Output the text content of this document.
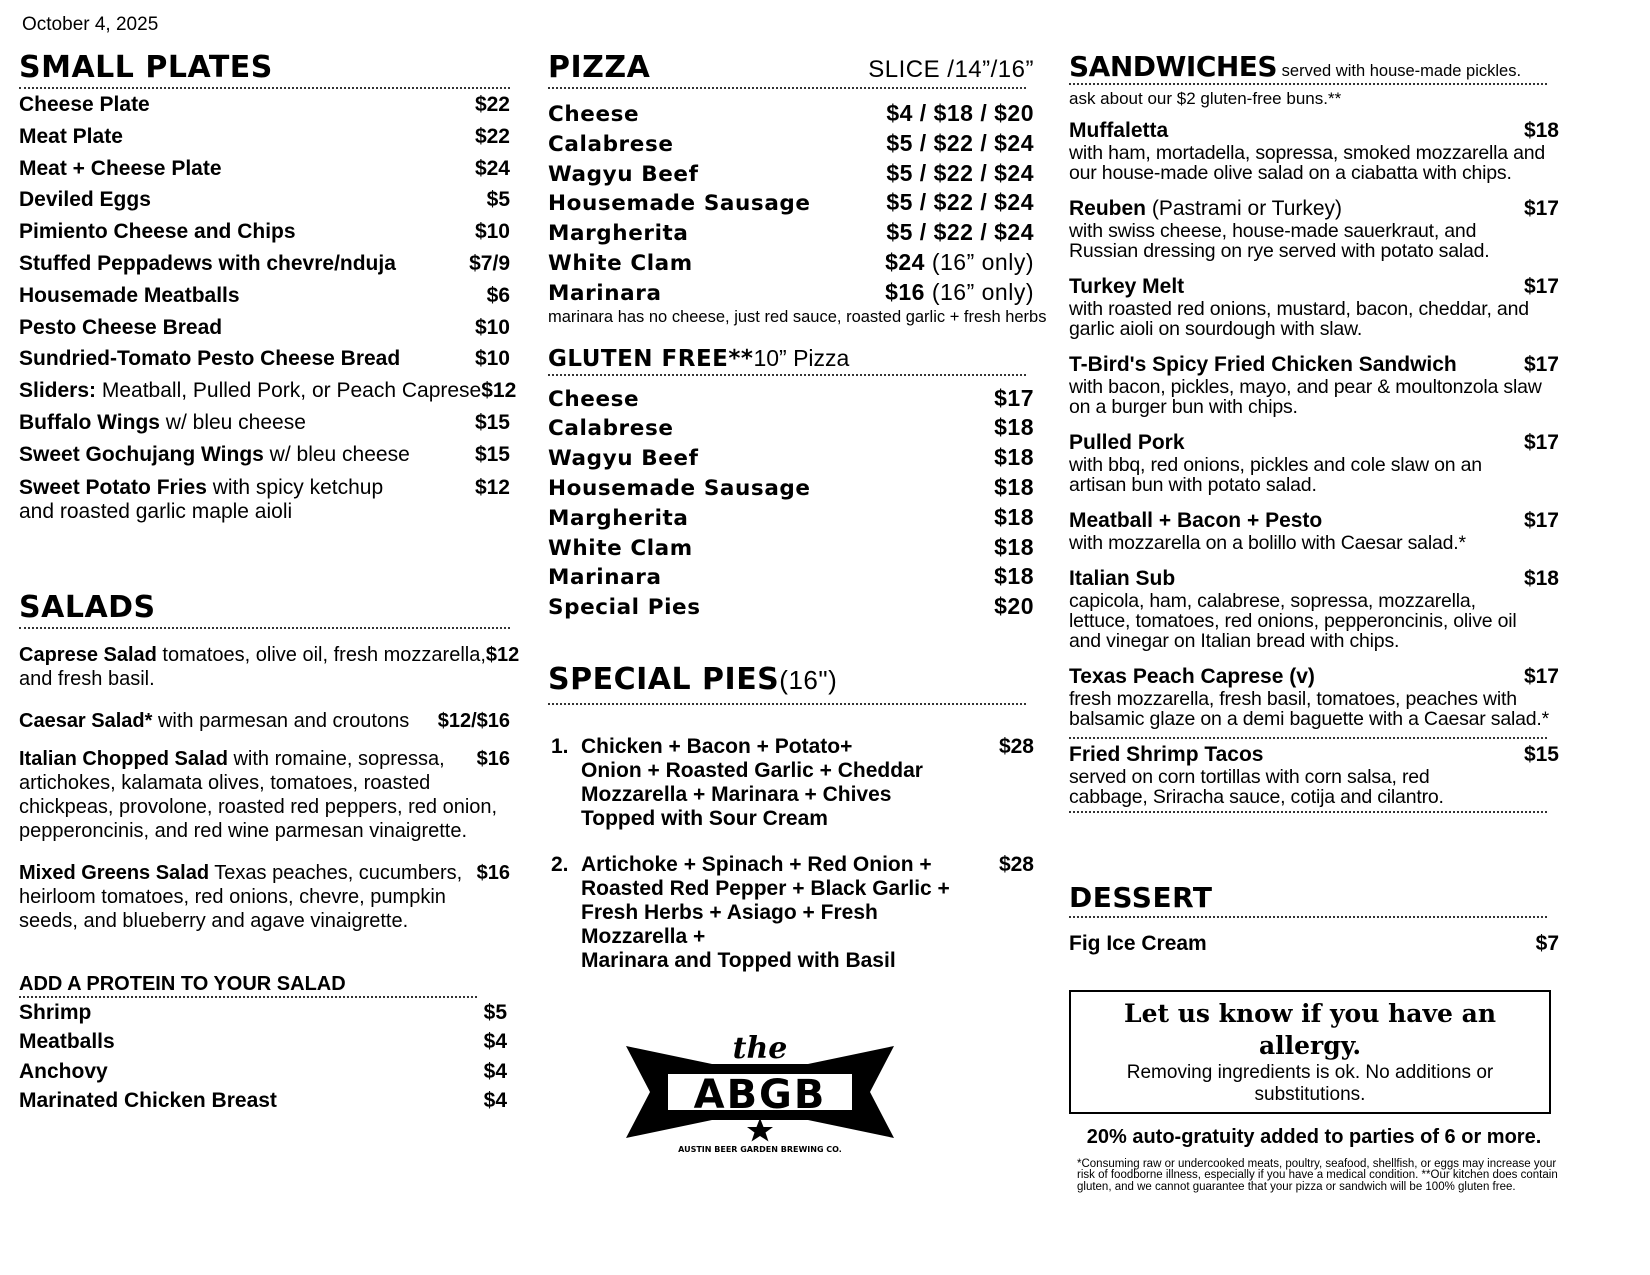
October 4, 2025
SMALL PLATES
Cheese Plate	$22
Meat Plate	$22
Meat + Cheese Plate	$24
Deviled Eggs	$5
Pimiento Cheese and Chips	$10
Stuffed Peppadews with chevre/nduja	$7/9
Housemade Meatballs	$6
Pesto Cheese Bread	$10
Sundried-Tomato Pesto Cheese Bread	$10
Sliders: Meatball, Pulled Pork, or Peach Caprese $12
Buffalo Wings w/ bleu cheese	$15
Sweet Gochujang Wings w/ bleu cheese	$15
Sweet Potato Fries with spicy ketchup	$12
and roasted garlic maple aioli
SALADS
Caprese Salad tomatoes, olive oil, fresh mozzarella, $12
and fresh basil.
Caesar Salad* with parmesan and croutons $12/$16
Italian Chopped Salad with romaine, sopressa, $16
artichokes, kalamata olives, tomatoes, roasted chickpeas, provolone, roasted red peppers, red onion, pepperoncinis, and red wine parmesan vinaigrette.
Mixed Greens Salad Texas peaches, cucumbers, $16
heirloom tomatoes, red onions, chevre, pumpkin seeds, and blueberry and agave vinaigrette.
ADD A PROTEIN TO YOUR SALAD
Shrimp	$5
Meatballs	$4
Anchovy	$4
Marinated Chicken Breast	$4
PIZZA	SLICE /14”/16”
Cheese	$4 / $18 / $20
Calabrese	$5 / $22 / $24
Wagyu Beef	$5 / $22 / $24
Housemade Sausage	$5 / $22 / $24
Margherita	$5 / $22 / $24
White Clam	$24 (16” only)
Marinara	$16 (16” only)
marinara has no cheese, just red sauce, roasted garlic + fresh herbs
GLUTEN FREE** 10” Pizza
Cheese	$17
Calabrese	$18
Wagyu Beef	$18
Housemade Sausage	$18
Margherita	$18
White Clam	$18
Marinara	$18
Special Pies	$20
SPECIAL PIES (16")
1. Chicken + Bacon + Potato+
Onion + Roasted Garlic + Cheddar
Mozzarella + Marinara + Chives
Topped with Sour Cream
$28
2. Artichoke + Spinach + Red Onion +
Roasted Red Pepper + Black Garlic +
Fresh Herbs + Asiago + Fresh Mozzarella +
Marinara and Topped with Basil
$28
the
ABGB
AUSTIN BEER GARDEN BREWING CO.
SANDWICHES served with house-made pickles.
ask about our $2 gluten-free buns.**
Muffaletta	$18
with ham, mortadella, sopressa, smoked mozzarella and our house-made olive salad on a ciabatta with chips.
Reuben (Pastrami or Turkey)	$17
with swiss cheese, house-made sauerkraut, and Russian dressing on rye served with potato salad.
Turkey Melt	$17
with roasted red onions, mustard, bacon, cheddar, and garlic aioli on sourdough with slaw.
T-Bird's Spicy Fried Chicken Sandwich	$17
with bacon, pickles, mayo, and pear & moultonzola slaw on a burger bun with chips.
Pulled Pork	$17
with bbq, red onions, pickles and cole slaw on an artisan bun with potato salad.
Meatball + Bacon + Pesto	$17
with mozzarella on a bolillo with Caesar salad.*
Italian Sub	$18
capicola, ham, calabrese, sopressa, mozzarella, lettuce, tomatoes, red onions, pepperoncinis, olive oil and vinegar on Italian bread with chips.
Texas Peach Caprese (v)	$17
fresh mozzarella, fresh basil, tomatoes, peaches with balsamic glaze on a demi baguette with a Caesar salad.*
Fried Shrimp Tacos	$15
served on corn tortillas with corn salsa, red cabbage, Sriracha sauce, cotija and cilantro.
DESSERT
Fig Ice Cream	$7
Let us know if you have an allergy.
Removing ingredients is ok. No additions or substitutions.
20% auto-gratuity added to parties of 6 or more.
*Consuming raw or undercooked meats, poultry, seafood, shellfish, or eggs may increase your risk of foodborne illness, especially if you have a medical condition. **Our kitchen does contain gluten, and we cannot guarantee that your pizza or sandwich will be 100% gluten free.
